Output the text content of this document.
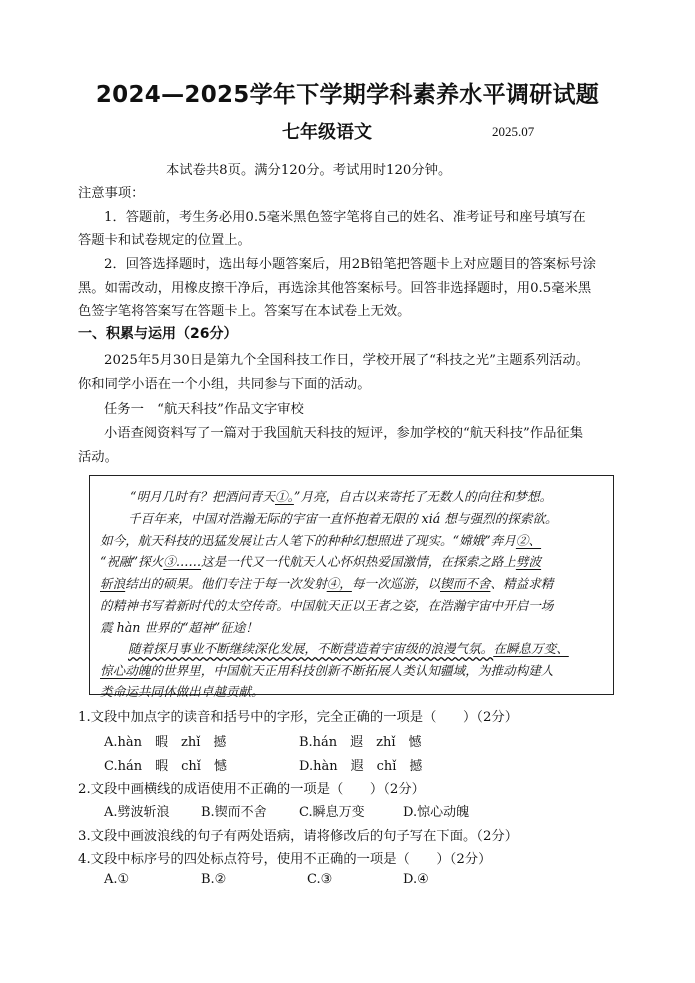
2024—2025学年下学期学科素养水平调研试题
七年级语文	2025.07
本试卷共8页。满分120分。考试用时120分钟。
注意事项：
1．答题前，考生务必用0.5毫米黑色签字笔将自己的姓名、准考证号和座号填写在
答题卡和试卷规定的位置上。
2．回答选择题时，选出每小题答案后，用2B铅笔把答题卡上对应题目的答案标号涂
黑。如需改动，用橡皮擦干净后，再选涂其他答案标号。回答非选择题时，用0.5毫米黑
色签字笔将答案写在答题卡上。答案写在本试卷上无效。
一、积累与运用（26分）
2025年5月30日是第九个全国科技工作日，学校开展了“科技之光”主题系列活动。
你和同学小语在一个小组，共同参与下面的活动。
任务一　“航天科技”作品文字审校
小语查阅资料写了一篇对于我国航天科技的短评，参加学校的“航天科技”作品征集
活动。
“明月几时有？把酒问青天①。”月亮，自古以来寄托了无数人的向往和梦想。
千百年来，中国对浩瀚无际的宇宙一直怀抱着无限的 xiá 想与强烈的探索欲。
如今，航天科技的迅猛发展让古人笔下的种种幻想照进了现实。“嫦娥”奔月②、
“祝融”探火③……这是一代又一代航天人心怀炽热爱国激情，在探索之路上劈波
斩浪结出的硕果。他们专注于每一次发射④，每一次巡游，以锲而不舍、精益求精
的精神书写着新时代的太空传奇。中国航天正以王者之姿，在浩瀚宇宙中开启一场
震 hàn 世界的“超神”征途！
随着探月事业不断继续深化发展，不断营造着宇宙级的浪漫气氛。在瞬息万变、
惊心动魄的世界里，中国航天正用科技创新不断拓展人类认知疆域，为推动构建人
类命运共同体做出卓越贡献。
1.文段中加点字的读音和括号中的字形，完全正确的一项是（　　）（2分）
A.hàn　暇　zhǐ　撼	B.hán　遐　zhǐ　憾
C.hán　暇　chǐ　憾	D.hàn　遐　chǐ　撼
2.文段中画横线的成语使用不正确的一项是（　　）（2分）
A.劈波斩浪 B.锲而不舍 C.瞬息万变	D.惊心动魄
3.文段中画波浪线的句子有两处语病，请将修改后的句子写在下面。（2分）
4.文段中标序号的四处标点符号，使用不正确的一项是（　　）（2分）
A.①	B.②	C.③	D.④
